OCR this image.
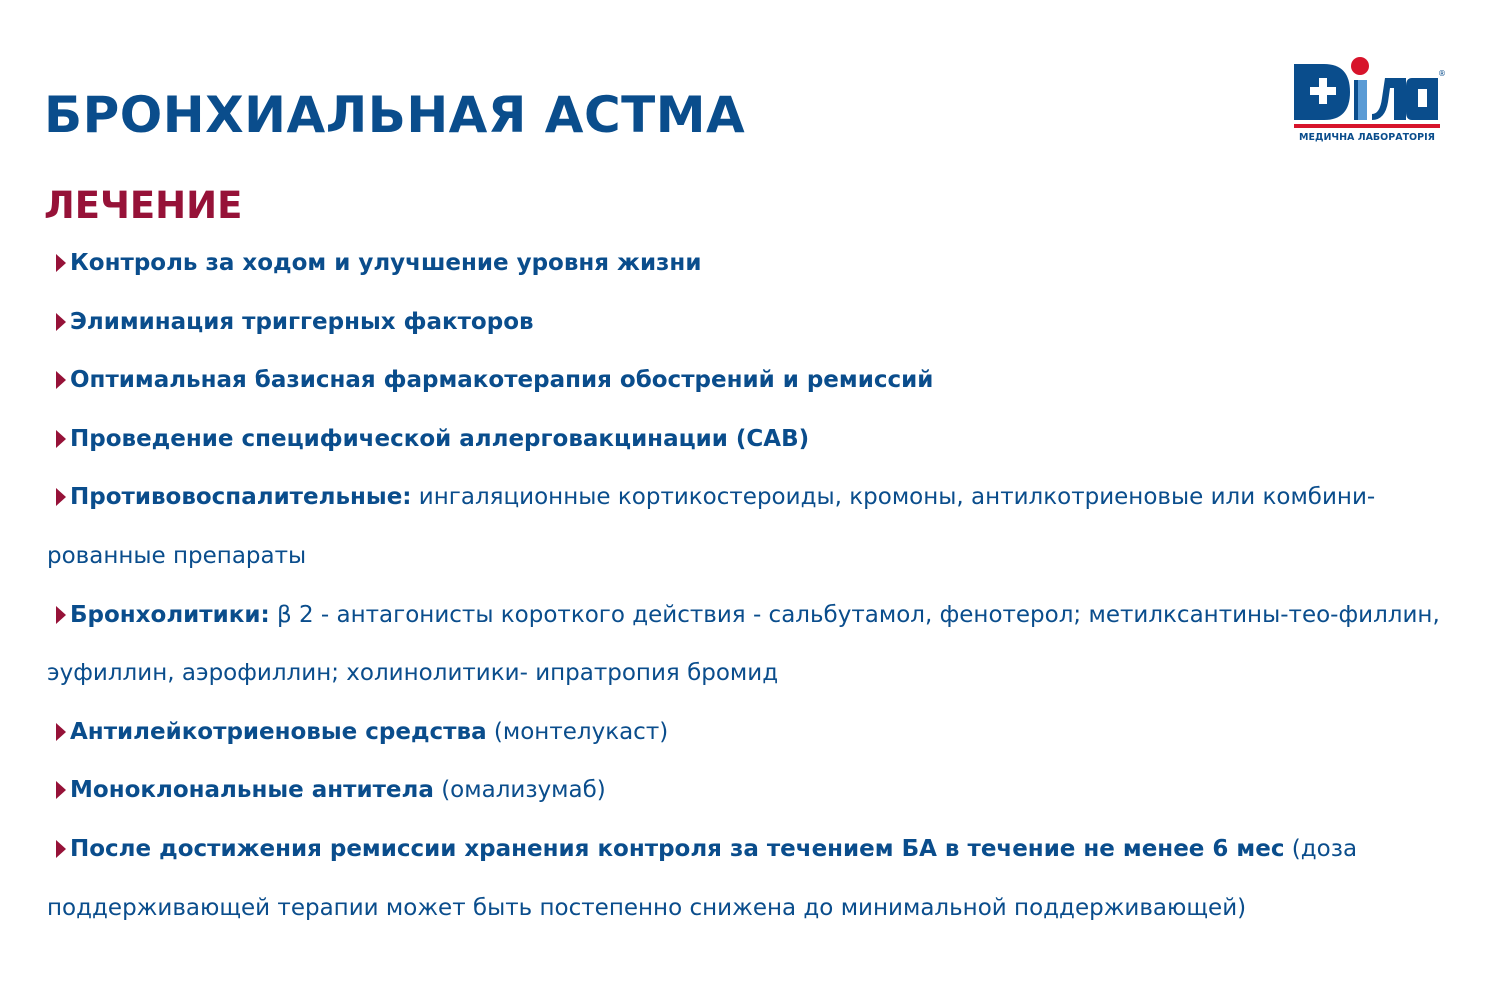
БРОНХИАЛЬНАЯ АСТМА
ЛЕЧЕНИЕ
МЕДИЧНА ЛАБОРАТОРІЯ
®
Контроль за ходом и улучшение уровня жизни
Элиминация триггерных факторов
Оптимальная базисная фармакотерапия обострений и ремиссий
Проведение специфической аллерговакцинации (САВ)
Противовоспалительные: ингаляционные кортикостероиды, кромоны, антилкотриеновые или комбини-рованные препараты
Бронхолитики: β 2 - антагонисты короткого действия - сальбутамол, фенотерол; метилксантины-тео-филлин, эуфиллин, аэрофиллин; холинолитики- ипратропия бромид
Антилейкотриеновые средства (монтелукаст)
Моноклональные антитела (омализумаб)
После достижения ремиссии хранения контроля за течением БА в течение не менее 6 мес (доза поддерживающей терапии может быть постепенно снижена до минимальной поддерживающей)
